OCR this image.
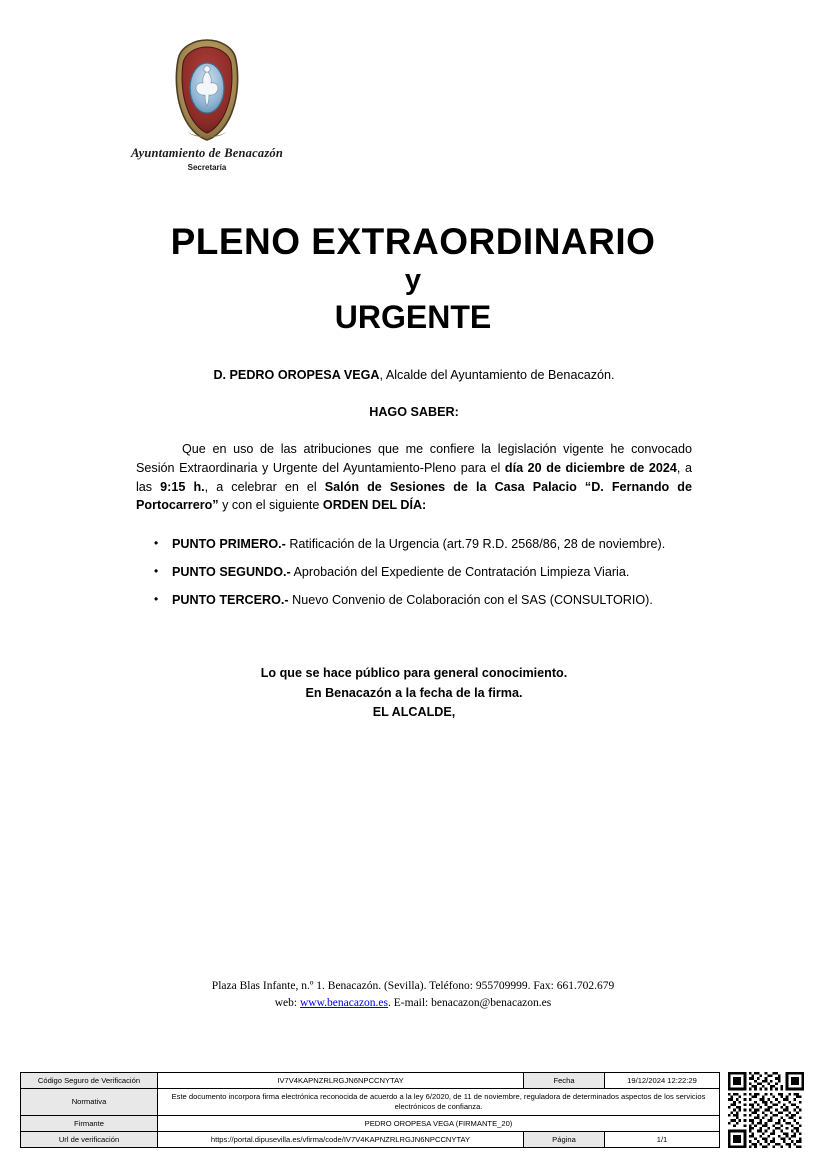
Ayuntamiento de Benacazón
Secretaría
PLENO EXTRAORDINARIO
y
URGENTE
D. PEDRO OROPESA VEGA, Alcalde del Ayuntamiento de Benacazón.
HAGO SABER:

Que en uso de las atribuciones que me confiere la legislación vigente he convocado Sesión Extraordinaria y Urgente del Ayuntamiento-Pleno para el día 20 de diciembre de 2024, a las 9:15 h., a celebrar en el Salón de Sesiones de la Casa Palacio “D. Fernando de Portocarrero” y con el siguiente ORDEN DEL DÍA:

• PUNTO PRIMERO.- Ratificación de la Urgencia (art.79 R.D. 2568/86, 28 de noviembre).
• PUNTO SEGUNDO.- Aprobación del Expediente de Contratación Limpieza Viaria.
• PUNTO TERCERO.- Nuevo Convenio de Colaboración con el SAS (CONSULTORIO).
Lo que se hace público para general conocimiento.
En Benacazón a la fecha de la firma.
EL ALCALDE,
Plaza Blas Infante, n.º 1. Benacazón. (Sevilla). Teléfono: 955709999. Fax: 661.702.679
web: www.benacazon.es. E-mail: benacazon@benacazon.es
Código Seguro de Verificación	IV7V4KAPNZRLRGJN6NPCCNYTAY	Fecha	19/12/2024 12:22:29
Normativa	Este documento incorpora firma electrónica reconocida de acuerdo a la ley 6/2020, de 11 de noviembre, reguladora de determinados aspectos de los servicios electrónicos de confianza.		
Firmante	PEDRO OROPESA VEGA (FIRMANTE_20)		
Url de verificación	https://portal.dipusevilla.es/vfirma/code/IV7V4KAPNZRLRGJN6NPCCNYTAY	Página	1/1
